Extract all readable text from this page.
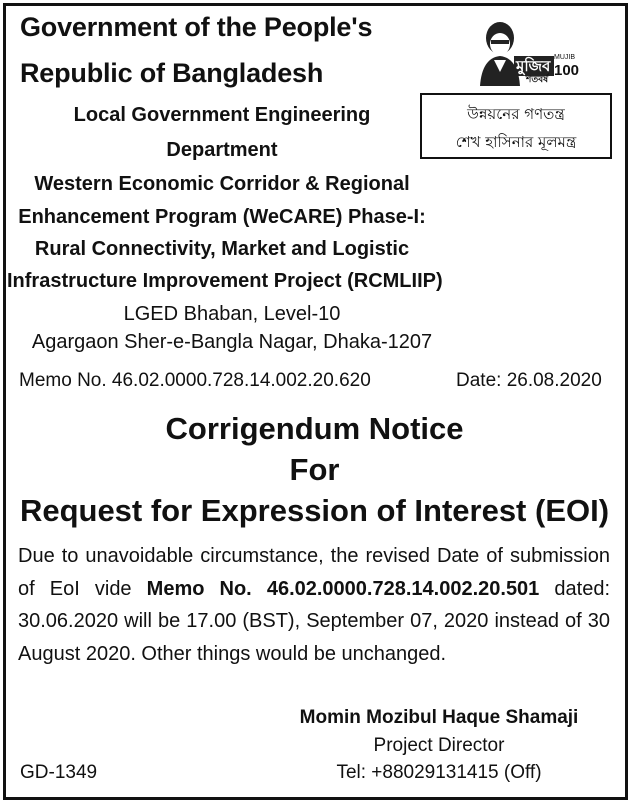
Government of the People's
Republic of Bangladesh	মুজিব
শতবর্ষ
MUJIB
100
উন্নয়নের গণতন্ত্র
শেখ হাসিনার মূলমন্ত্র
Local Government Engineering
Department
Western Economic Corridor & Regional
Enhancement Program (WeCARE) Phase-I:
Rural Connectivity, Market and Logistic
Infrastructure Improvement Project (RCMLIIP)
LGED Bhaban, Level-10
Agargaon Sher-e-Bangla Nagar, Dhaka-1207
Memo No. 46.02.0000.728.14.002.20.620	Date: 26.08.2020
Corrigendum Notice
For
Request for Expression of Interest (EOI)
Due to unavoidable circumstance, the revised Date of submission of EoI vide Memo No. 46.02.0000.728.14.002.20.501 dated: 30.06.2020 will be 17.00 (BST), September 07, 2020 instead of 30 August 2020. Other things would be unchanged.
Momin Mozibul Haque Shamaji
Project Director
Tel: +88029131415 (Off)
GD-1349
